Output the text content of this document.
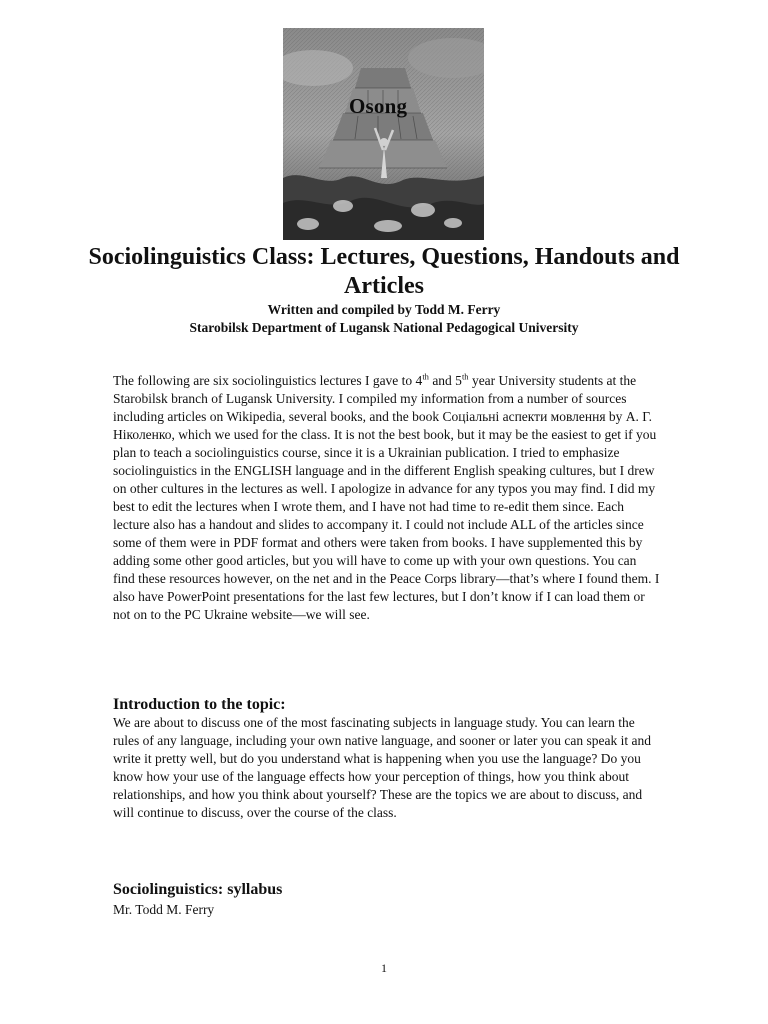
Osong
Sociolinguistics Class: Lectures, Questions, Handouts and Articles

Written and compiled by Todd M. Ferry

Starobilsk Department of Lugansk National Pedagogical University

The following are six sociolinguistics lectures I gave to 4th and 5th year University students at the Starobilsk branch of Lugansk University. I compiled my information from a number of sources including articles on Wikipedia, several books, and the book Соціальні аспекти мовлення by А. Г. Ніколенко, which we used for the class. It is not the best book, but it may be the easiest to get if you plan to teach a sociolinguistics course, since it is a Ukrainian publication. I tried to emphasize sociolinguistics in the ENGLISH language and in the different English speaking cultures, but I drew on other cultures in the lectures as well. I apologize in advance for any typos you may find. I did my best to edit the lectures when I wrote them, and I have not had time to re-edit them since. Each lecture also has a handout and slides to accompany it. I could not include ALL of the articles since some of them were in PDF format and others were taken from books. I have supplemented this by adding some other good articles, but you will have to come up with your own questions. You can find these resources however, on the net and in the Peace Corps library—that’s where I found them. I also have PowerPoint presentations for the last few lectures, but I don’t know if I can load them or not on to the PC Ukraine website—we will see.

Introduction to the topic:

We are about to discuss one of the most fascinating subjects in language study. You can learn the rules of any language, including your own native language, and sooner or later you can speak it and write it pretty well, but do you understand what is happening when you use the language? Do you know how your use of the language effects how your perception of things, how you think about relationships, and how you think about yourself? These are the topics we are about to discuss, and will continue to discuss, over the course of the class.

Sociolinguistics: syllabus

Mr. Todd M. Ferry

1
